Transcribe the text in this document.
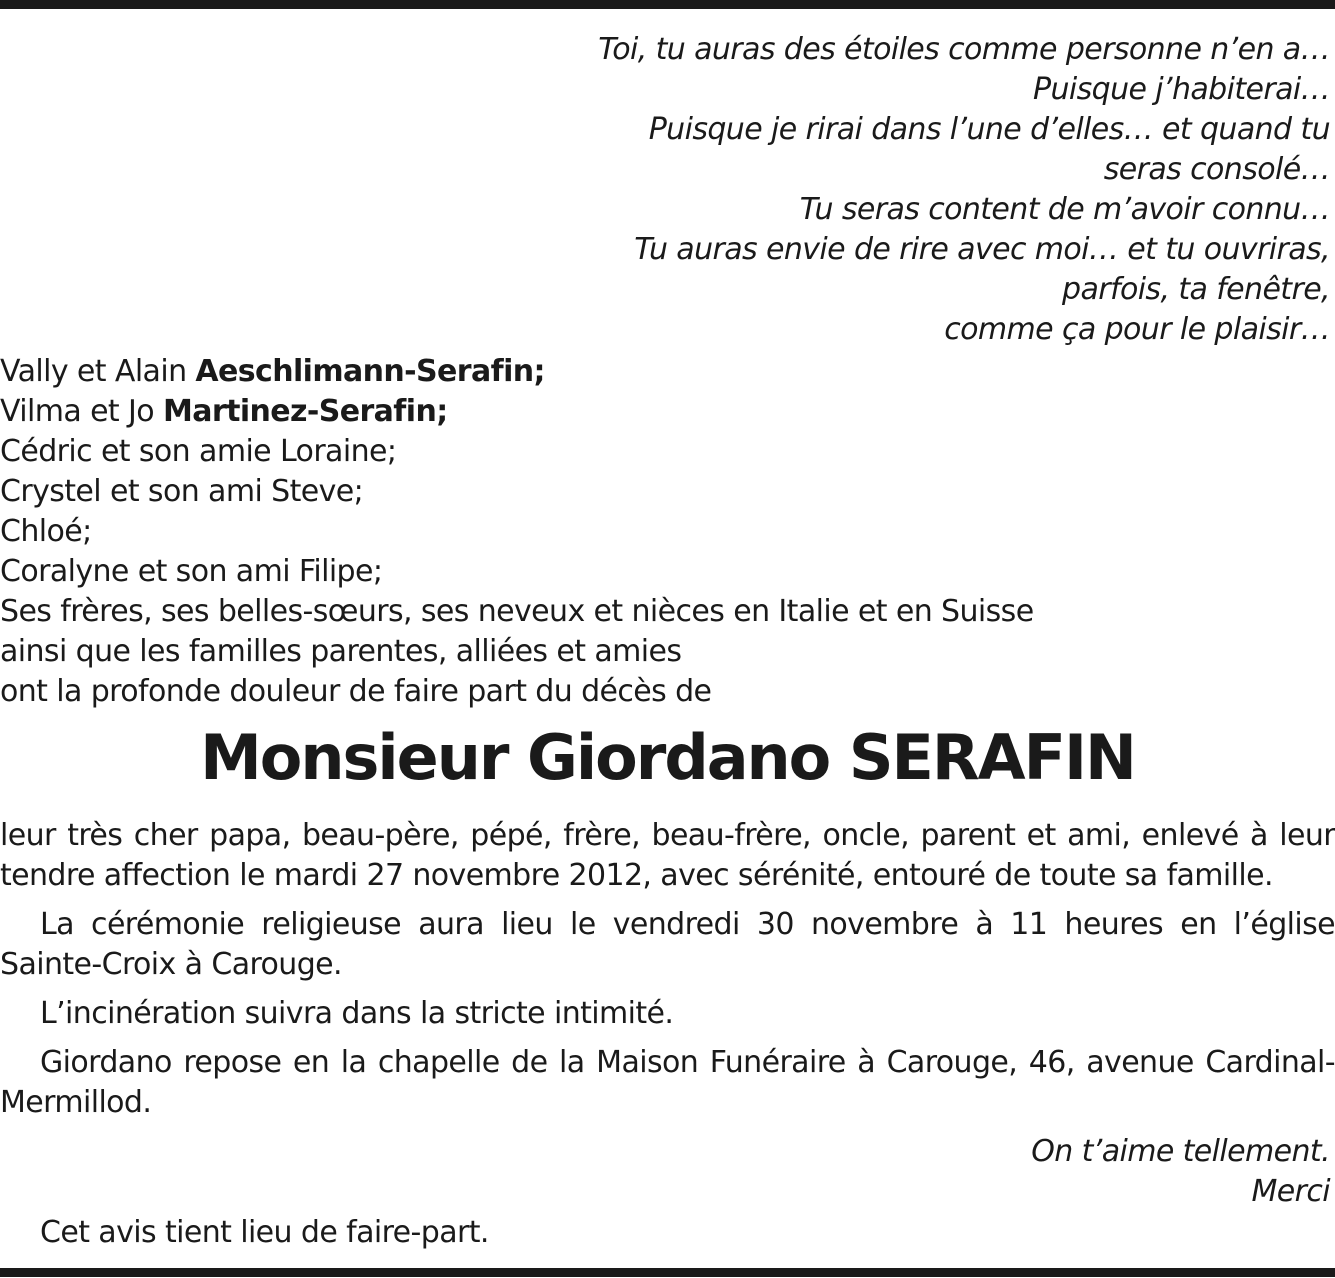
Toi, tu auras des étoiles comme personne n’en a…
Puisque j’habiterai…
Puisque je rirai dans l’une d’elles… et quand tu
seras consolé…
Tu seras content de m’avoir connu…
Tu auras envie de rire avec moi… et tu ouvriras,
parfois, ta fenêtre,
comme ça pour le plaisir…
Vally et Alain Aeschlimann-Serafin;
Vilma et Jo Martinez-Serafin;
Cédric et son amie Loraine;
Crystel et son ami Steve;
Chloé;
Coralyne et son ami Filipe;
Ses frères, ses belles-sœurs, ses neveux et nièces en Italie et en Suisse
ainsi que les familles parentes, alliées et amies
ont la profonde douleur de faire part du décès de
Monsieur Giordano SERAFIN

leur très cher papa, beau-père, pépé, frère, beau-frère, oncle, parent et ami, enlevé à leur tendre affection le mardi 27 novembre 2012, avec sérénité, entouré de toute sa famille.

La cérémonie religieuse aura lieu le vendredi 30 novembre à 11 heures en l’église Sainte-Croix à Carouge.

L’incinération suivra dans la stricte intimité.

Giordano repose en la chapelle de la Maison Funéraire à Carouge, 46, avenue Cardinal-Mermillod.

On t’aime tellement.
Merci
Cet avis tient lieu de faire-part.
